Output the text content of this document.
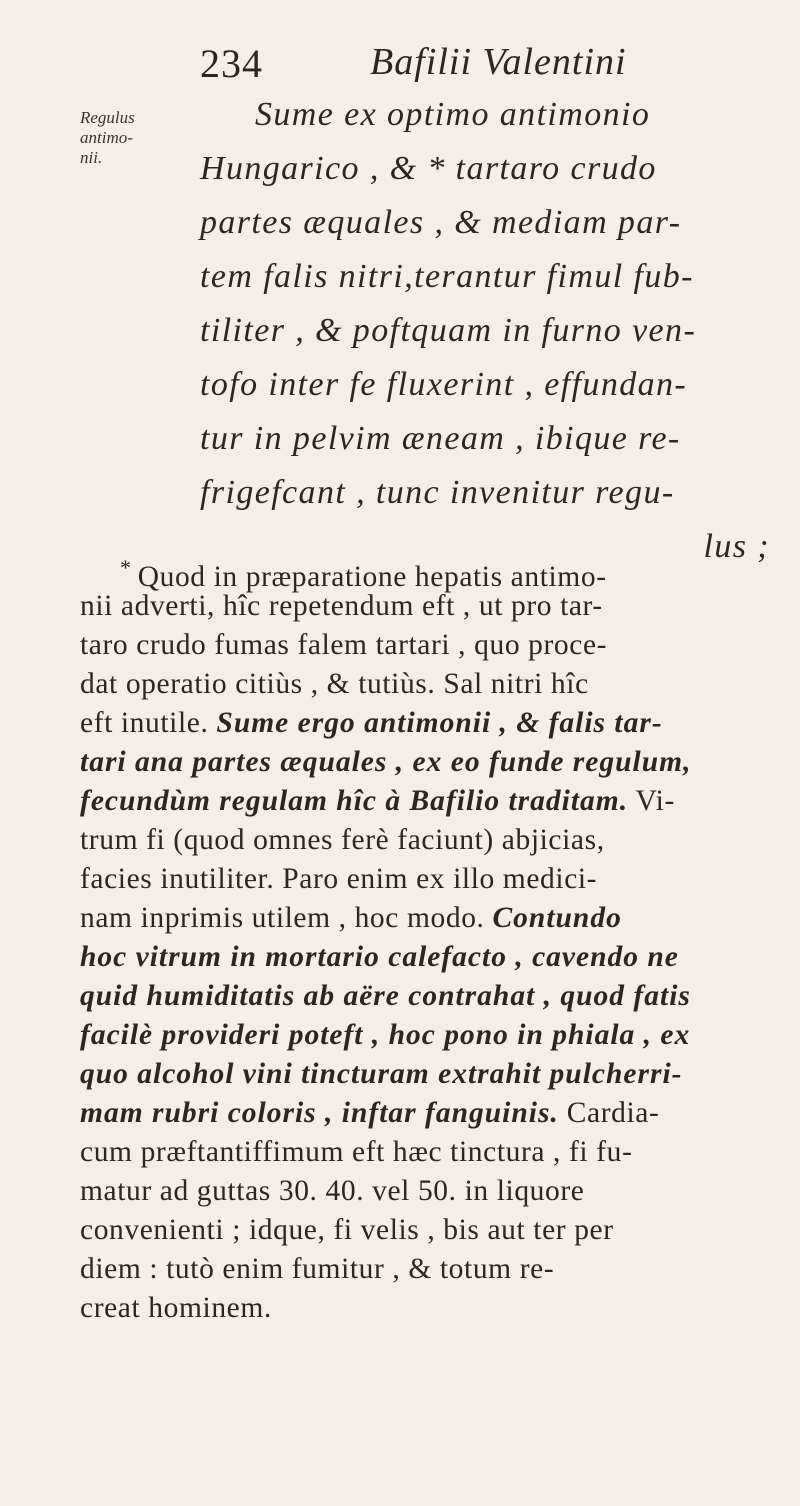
234	Bafilii Valentini
Regulus
antimo-
nii.
Sume ex optimo antimonio
Hungarico , & * tartaro crudo
partes æquales , & mediam par-
tem falis nitri,terantur fimul fub-
tiliter , & poftquam in furno ven-
tofo inter fe fluxerint , effundan-
tur in pelvim æneam , ibique re-
frigefcant , tunc invenitur regu-
lus ;
* Quod in præparatione hepatis antimo-
nii adverti, hîc repetendum eft , ut pro tar-
taro crudo fumas falem tartari , quo proce-
dat operatio citiùs , & tutiùs. Sal nitri hîc
eft inutile. Sume ergo antimonii , & falis tar-
tari ana partes æquales , ex eo funde regulum,
fecundùm regulam hîc à Bafilio traditam. Vi-
trum fi (quod omnes ferè faciunt) abjicias,
facies inutiliter. Paro enim ex illo medici-
nam inprimis utilem , hoc modo. Contundo
hoc vitrum in mortario calefacto , cavendo ne
quid humiditatis ab aëre contrahat , quod fatis
facilè provideri poteft , hoc pono in phiala , ex
quo alcohol vini tincturam extrahit pulcherri-
mam rubri coloris , inftar fanguinis. Cardia-
cum præftantiffimum eft hæc tinctura , fi fu-
matur ad guttas 30. 40. vel 50. in liquore
convenienti ; idque, fi velis , bis aut ter per
diem : tutò enim fumitur , & totum re-
creat hominem.
